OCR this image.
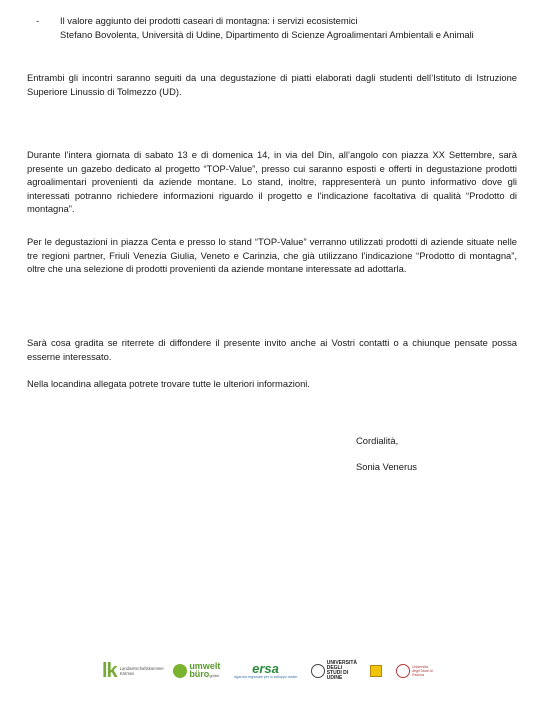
- Il valore aggiunto dei prodotti caseari di montagna: i servizi ecosistemici
Stefano Bovolenta, Università di Udine, Dipartimento di Scienze Agroalimentari Ambientali e Animali
Entrambi gli incontri saranno seguiti da una degustazione di piatti elaborati dagli studenti dell’Istituto di Istruzione Superiore Linussio di Tolmezzo (UD).
Durante l’intera giornata di sabato 13 e di domenica 14, in via del Din, all’angolo con piazza XX Settembre, sarà presente un gazebo dedicato al progetto “TOP-Value”, presso cui saranno esposti e offerti in degustazione prodotti agroalimentari provenienti da aziende montane. Lo stand, inoltre, rappresenterà un punto informativo dove gli interessati potranno richiedere informazioni riguardo il progetto e l’indicazione facoltativa di qualità “Prodotto di montagna”.
Per le degustazioni in piazza Centa e presso lo stand “TOP-Value” verranno utilizzati prodotti di aziende situate nelle tre regioni partner, Friuli Venezia Giulia, Veneto e Carinzia, che già utilizzano l’indicazione “Prodotto di montagna”, oltre che una selezione di prodotti provenienti da aziende montane interessate ad adottarla.
Sarà cosa gradita se riterrete di diffondere il presente invito anche ai Vostri contatti o a chiunque pensate possa esserne interessato.
Nella locandina allegata potrete trovare tutte le ulteriori informazioni.
Cordialità,
Sonia Venerus
lk Landwirtschaftskammer Kärnten
umwelt
bürogmbh	ersa
Agenzia regionale per lo sviluppo rurale
UNIVERSITÀ DEGLI STUDI DI UDINE
Università degli Studi di Padova
